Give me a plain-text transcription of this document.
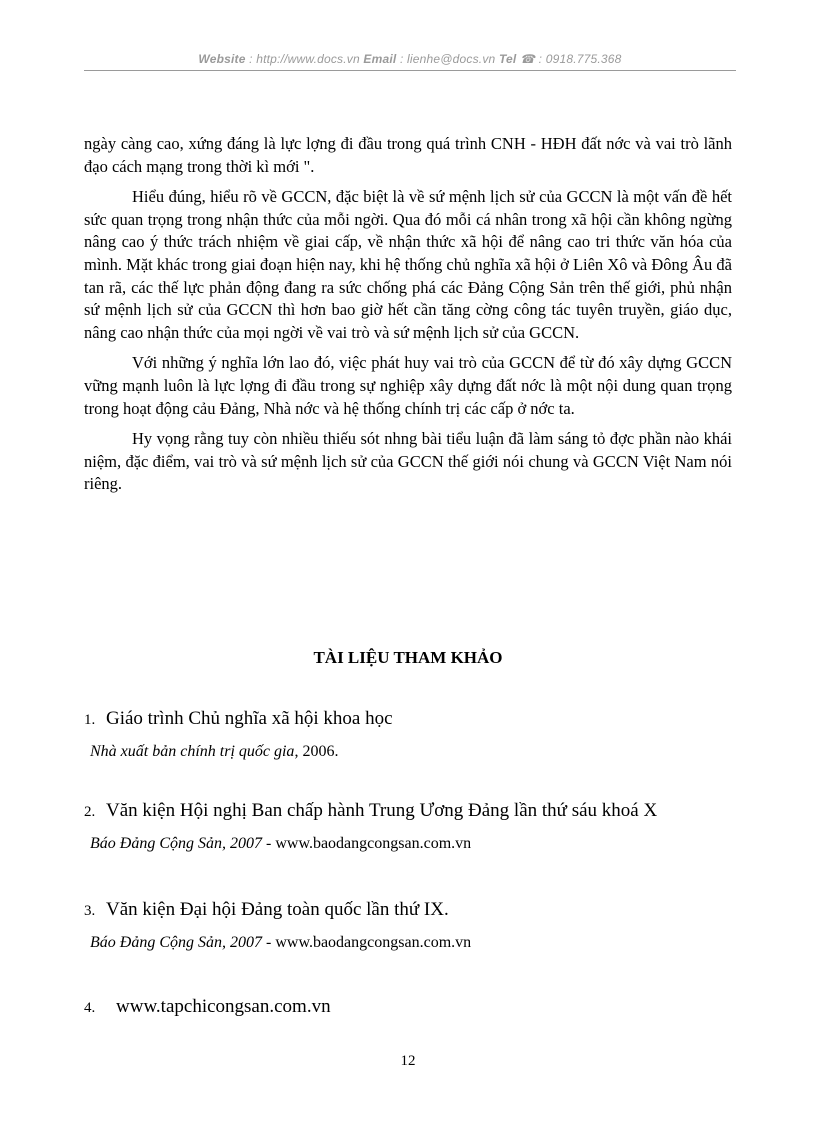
Website : http://www.docs.vn Email : lienhe@docs.vn Tel ☎ : 0918.775.368

ngày càng cao, xứng đáng là lực lợng đi đầu trong quá trình CNH - HĐH đất nớc và vai trò lãnh đạo cách mạng trong thời kì mới ".

Hiểu đúng, hiểu rõ về GCCN, đặc biệt là về sứ mệnh lịch sử của GCCN là một vấn đề hết sức quan trọng trong nhận thức của mỗi ngời. Qua đó mỗi cá nhân trong xã hội cần không ngừng nâng cao ý thức trách nhiệm về giai cấp, về nhận thức xã hội để nâng cao tri thức văn hóa của mình. Mặt khác trong giai đoạn hiện nay, khi hệ thống chủ nghĩa xã hội ở Liên Xô và Đông Âu đã tan rã, các thế lực phản động đang ra sức chống phá các Đảng Cộng Sản trên thế giới, phủ nhận sứ mệnh lịch sử của GCCN thì hơn bao giờ hết cần tăng cờng công tác tuyên truyền, giáo dục, nâng cao nhận thức của mọi ngời về vai trò và sứ mệnh lịch sử của GCCN.

Với những ý nghĩa lớn lao đó, việc phát huy vai trò của GCCN để từ đó xây dựng GCCN vững mạnh luôn là lực lợng đi đầu trong sự nghiệp xây dựng đất nớc là một nội dung quan trọng trong hoạt động cảu Đảng, Nhà nớc và hệ thống chính trị các cấp ở nớc ta.

Hy vọng rằng tuy còn nhiều thiếu sót nhng bài tiểu luận đã làm sáng tỏ đợc phần nào khái niệm, đặc điểm, vai trò và sứ mệnh lịch sử của GCCN thế giới nói chung và GCCN Việt Nam nói riêng.

TÀI LIỆU THAM KHẢO
1. Giáo trình Chủ nghĩa xã hội khoa học
Nhà xuất bản chính trị quốc gia, 2006.
2. Văn kiện Hội nghị Ban chấp hành Trung Ương Đảng lần thứ sáu khoá X
Báo Đảng Cộng Sản, 2007 - www.baodangcongsan.com.vn
3. Văn kiện Đại hội Đảng toàn quốc lần thứ IX.
Báo Đảng Cộng Sản, 2007 - www.baodangcongsan.com.vn
4. www.tapchicongsan.com.vn
12
